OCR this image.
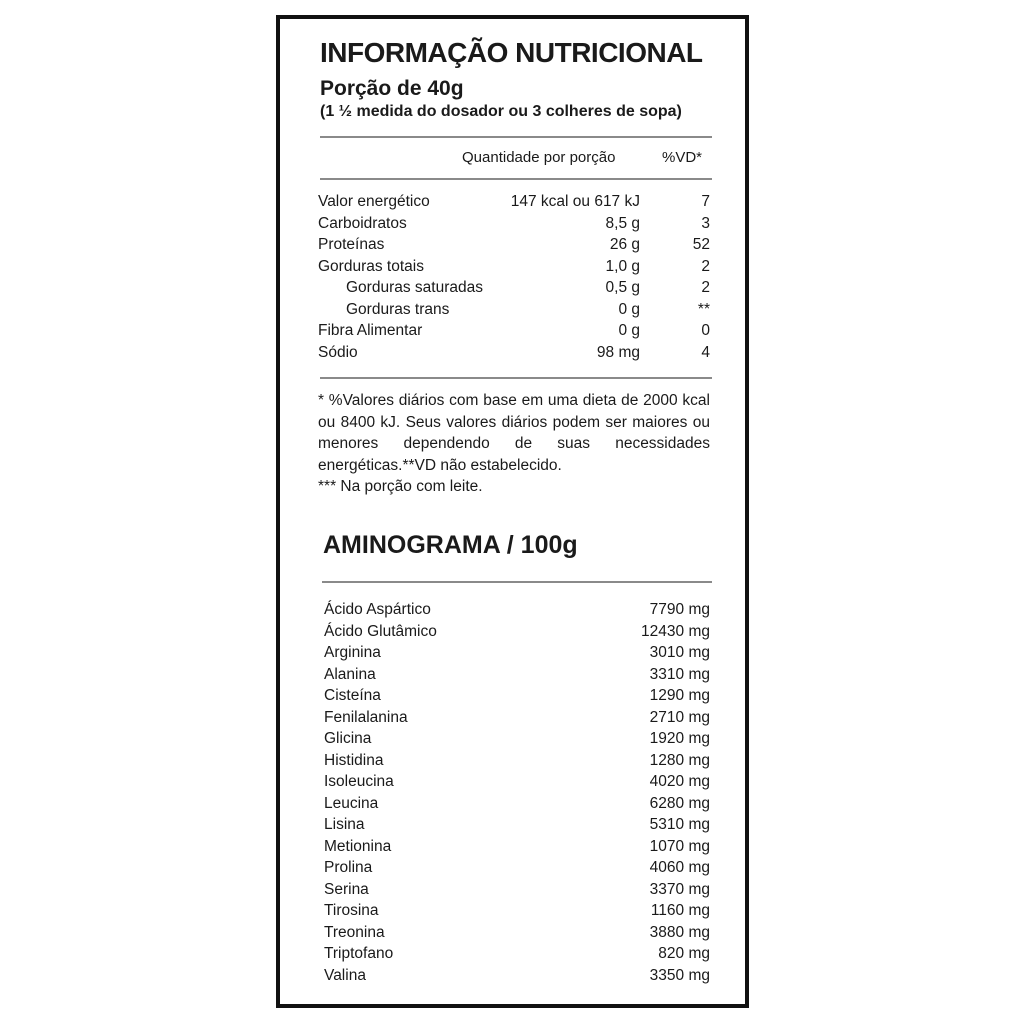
INFORMAÇÃO NUTRICIONAL
Porção de 40g
(1 ½ medida do dosador ou 3 colheres de sopa)
Quantidade por porção	%VD*
Valor energético	147 kcal ou 617 kJ	7
Carboidratos	8,5 g	3
Proteínas	26 g	52
Gorduras totais	1,0 g	2
Gorduras saturadas	0,5 g	2
Gorduras trans	0 g	**
Fibra Alimentar	0 g	0
Sódio	98 mg	4

* %Valores diários com base em uma dieta de 2000 kcal ou 8400 kJ. Seus valores diários podem ser maiores ou menores dependendo de suas necessidades energéticas.**VD não estabelecido.

*** Na porção com leite.

AMINOGRAMA / 100g
Ácido Aspártico	7790 mg
Ácido Glutâmico	12430 mg
Arginina	3010 mg
Alanina	3310 mg
Cisteína	1290 mg
Fenilalanina	2710 mg
Glicina	1920 mg
Histidina	1280 mg
Isoleucina	4020 mg
Leucina	6280 mg
Lisina	5310 mg
Metionina	1070 mg
Prolina	4060 mg
Serina	3370 mg
Tirosina	1160 mg
Treonina	3880 mg
Triptofano	820 mg
Valina	3350 mg
